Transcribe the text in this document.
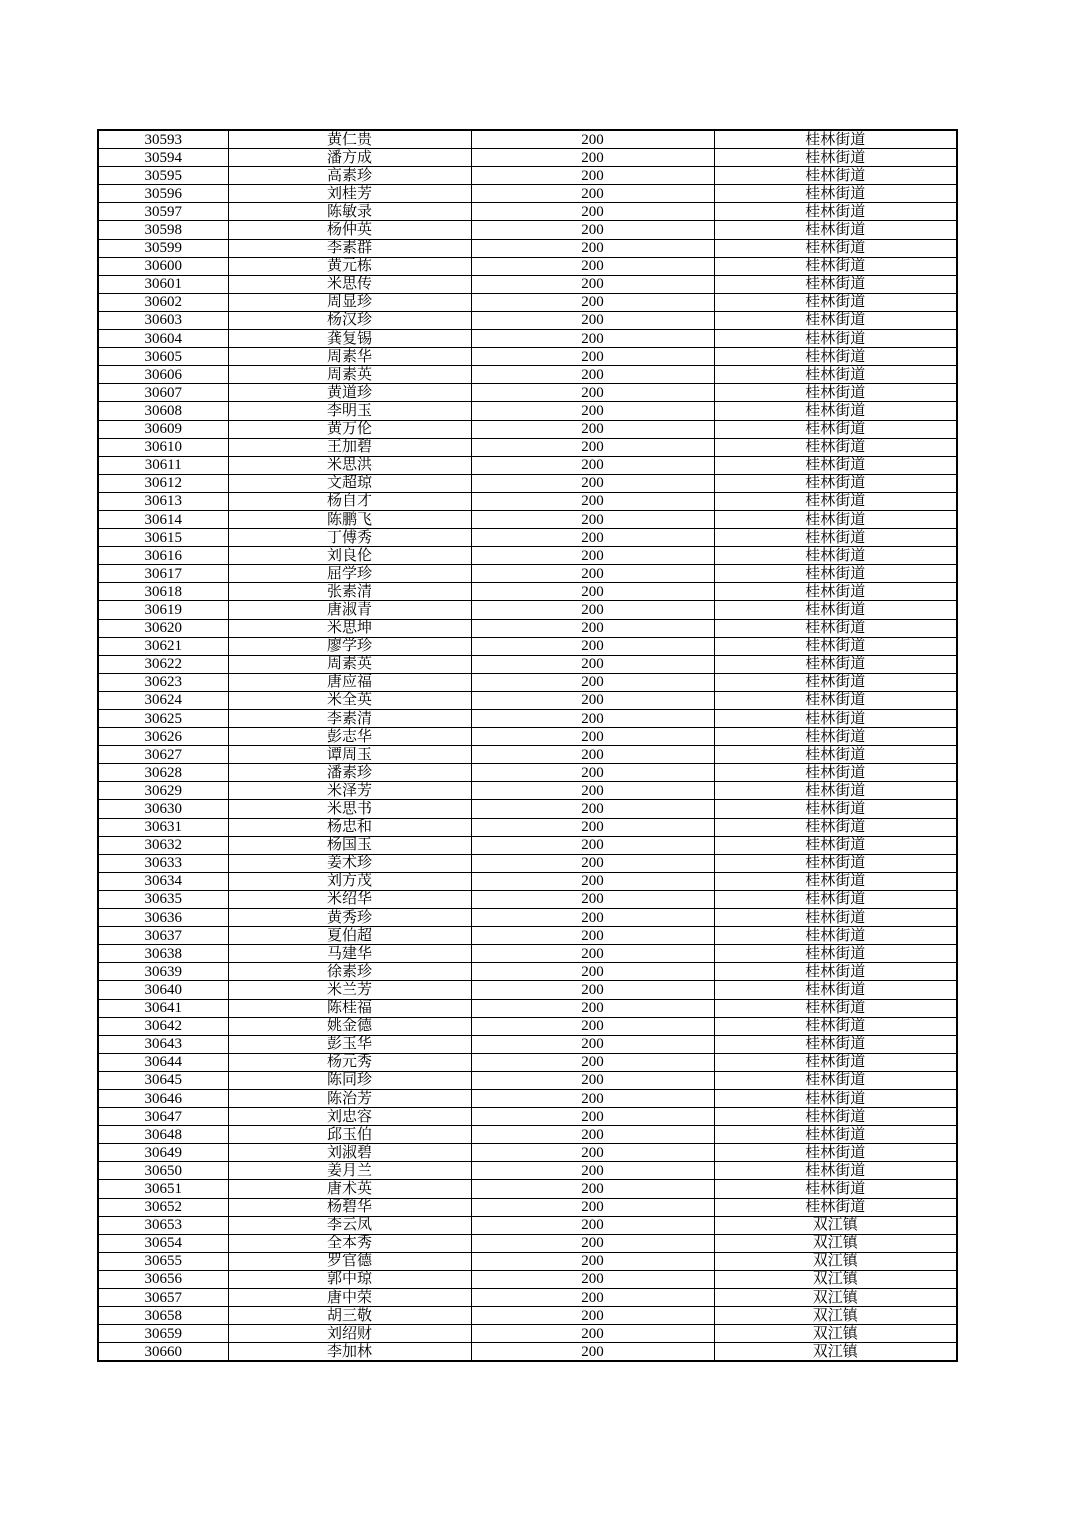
30593	黄仁贵	200	桂林街道
30594	潘方成	200	桂林街道
30595	高素珍	200	桂林街道
30596	刘桂芳	200	桂林街道
30597	陈敏录	200	桂林街道
30598	杨仲英	200	桂林街道
30599	李素群	200	桂林街道
30600	黄元栋	200	桂林街道
30601	米思传	200	桂林街道
30602	周显珍	200	桂林街道
30603	杨汉珍	200	桂林街道
30604	龚复锡	200	桂林街道
30605	周素华	200	桂林街道
30606	周素英	200	桂林街道
30607	黄道珍	200	桂林街道
30608	李明玉	200	桂林街道
30609	黄万伦	200	桂林街道
30610	王加碧	200	桂林街道
30611	米思洪	200	桂林街道
30612	文超琼	200	桂林街道
30613	杨自才	200	桂林街道
30614	陈鹏飞	200	桂林街道
30615	丁傅秀	200	桂林街道
30616	刘良伦	200	桂林街道
30617	屈学珍	200	桂林街道
30618	张素清	200	桂林街道
30619	唐淑青	200	桂林街道
30620	米思坤	200	桂林街道
30621	廖学珍	200	桂林街道
30622	周素英	200	桂林街道
30623	唐应福	200	桂林街道
30624	米全英	200	桂林街道
30625	李素清	200	桂林街道
30626	彭志华	200	桂林街道
30627	谭周玉	200	桂林街道
30628	潘素珍	200	桂林街道
30629	米泽芳	200	桂林街道
30630	米思书	200	桂林街道
30631	杨忠和	200	桂林街道
30632	杨国玉	200	桂林街道
30633	姜术珍	200	桂林街道
30634	刘方茂	200	桂林街道
30635	米绍华	200	桂林街道
30636	黄秀珍	200	桂林街道
30637	夏伯超	200	桂林街道
30638	马建华	200	桂林街道
30639	徐素珍	200	桂林街道
30640	米兰芳	200	桂林街道
30641	陈桂福	200	桂林街道
30642	姚金德	200	桂林街道
30643	彭玉华	200	桂林街道
30644	杨元秀	200	桂林街道
30645	陈同珍	200	桂林街道
30646	陈治芳	200	桂林街道
30647	刘忠容	200	桂林街道
30648	邱玉伯	200	桂林街道
30649	刘淑碧	200	桂林街道
30650	姜月兰	200	桂林街道
30651	唐术英	200	桂林街道
30652	杨碧华	200	桂林街道
30653	李云凤	200	双江镇
30654	全本秀	200	双江镇
30655	罗官德	200	双江镇
30656	郭中琼	200	双江镇
30657	唐中荣	200	双江镇
30658	胡三敬	200	双江镇
30659	刘绍财	200	双江镇
30660	李加林	200	双江镇
